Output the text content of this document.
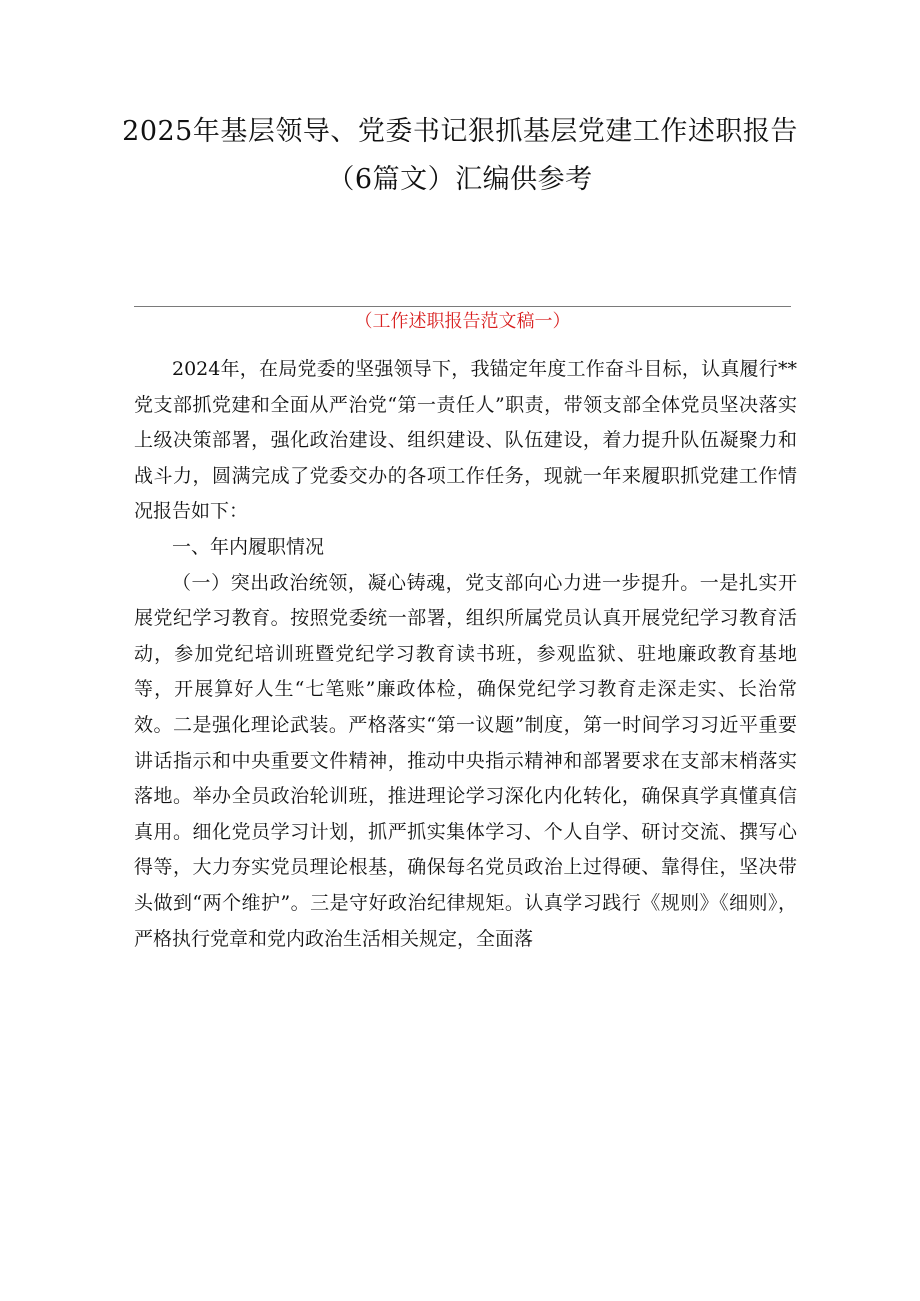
2025年基层领导、党委书记狠抓基层党建工作述职报告（6篇文）汇编供参考
（工作述职报告范文稿一）

2024年，在局党委的坚强领导下，我锚定年度工作奋斗目标，认真履行**党支部抓党建和全面从严治党“第一责任人”职责，带领支部全体党员坚决落实上级决策部署，强化政治建设、组织建设、队伍建设，着力提升队伍凝聚力和战斗力，圆满完成了党委交办的各项工作任务，现就一年来履职抓党建工作情况报告如下：

一、年内履职情况

（一）突出政治统领，凝心铸魂，党支部向心力进一步提升。一是扎实开展党纪学习教育。按照党委统一部署，组织所属党员认真开展党纪学习教育活动，参加党纪培训班暨党纪学习教育读书班，参观监狱、驻地廉政教育基地等，开展算好人生“七笔账”廉政体检，确保党纪学习教育走深走实、长治常效。二是强化理论武装。严格落实“第一议题”制度，第一时间学习习近平重要讲话指示和中央重要文件精神，推动中央指示精神和部署要求在支部末梢落实落地。举办全员政治轮训班，推进理论学习深化内化转化，确保真学真懂真信真用。细化党员学习计划，抓严抓实集体学习、个人自学、研讨交流、撰写心得等，大力夯实党员理论根基，确保每名党员政治上过得硬、靠得住，坚决带头做到“两个维护”。三是守好政治纪律规矩。认真学习践行《规则》《细则》，严格执行党章和党内政治生活相关规定，全面落
